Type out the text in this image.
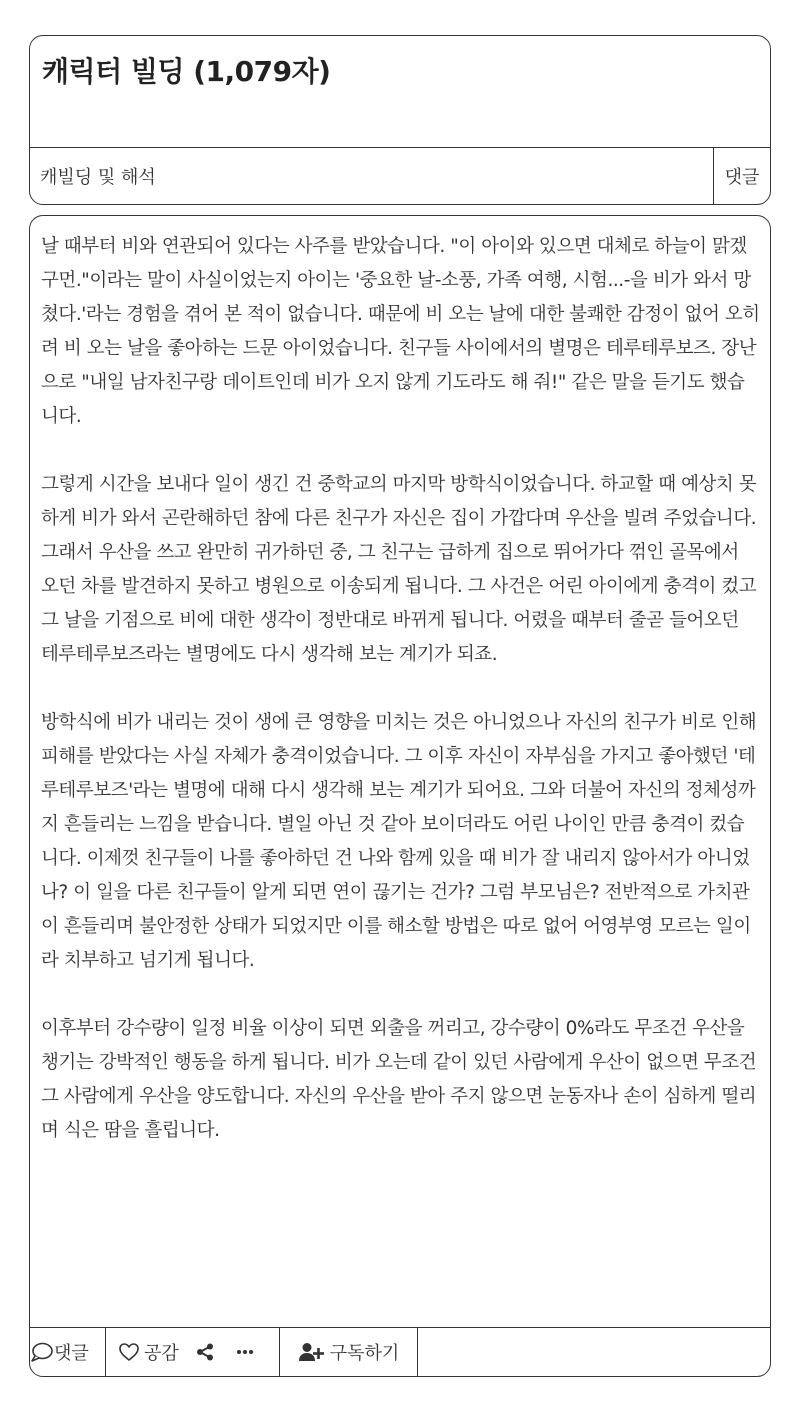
캐릭터 빌딩 (1,079자)
캐빌딩 및 해석	댓글

날 때부터 비와 연관되어 있다는 사주를 받았습니다. "이 아이와 있으면 대체로 하늘이 맑겠구먼."이라는 말이 사실이었는지 아이는 '중요한 날-소풍, 가족 여행, 시험...-을 비가 와서 망쳤다.'라는 경험을 겪어 본 적이 없습니다. 때문에 비 오는 날에 대한 불쾌한 감정이 없어 오히려 비 오는 날을 좋아하는 드문 아이었습니다. 친구들 사이에서의 별명은 테루테루보즈. 장난으로 "내일 남자친구랑 데이트인데 비가 오지 않게 기도라도 해 줘!" 같은 말을 듣기도 했습니다.

그렇게 시간을 보내다 일이 생긴 건 중학교의 마지막 방학식이었습니다. 하교할 때 예상치 못하게 비가 와서 곤란해하던 참에 다른 친구가 자신은 집이 가깝다며 우산을 빌려 주었습니다. 그래서 우산을 쓰고 완만히 귀가하던 중, 그 친구는 급하게 집으로 뛰어가다 꺾인 골목에서 오던 차를 발견하지 못하고 병원으로 이송되게 됩니다. 그 사건은 어린 아이에게 충격이 컸고 그 날을 기점으로 비에 대한 생각이 정반대로 바뀌게 됩니다. 어렸을 때부터 줄곧 들어오던 테루테루보즈라는 별명에도 다시 생각해 보는 계기가 되죠.

방학식에 비가 내리는 것이 생에 큰 영향을 미치는 것은 아니었으나 자신의 친구가 비로 인해 피해를 받았다는 사실 자체가 충격이었습니다. 그 이후 자신이 자부심을 가지고 좋아했던 '테루테루보즈'라는 별명에 대해 다시 생각해 보는 계기가 되어요. 그와 더불어 자신의 정체성까지 흔들리는 느낌을 받습니다. 별일 아닌 것 같아 보이더라도 어린 나이인 만큼 충격이 컸습니다. 이제껏 친구들이 나를 좋아하던 건 나와 함께 있을 때 비가 잘 내리지 않아서가 아니었나? 이 일을 다른 친구들이 알게 되면 연이 끊기는 건가? 그럼 부모님은? 전반적으로 가치관이 흔들리며 불안정한 상태가 되었지만 이를 해소할 방법은 따로 없어 어영부영 모르는 일이라 치부하고 넘기게 됩니다.

이후부터 강수량이 일정 비율 이상이 되면 외출을 꺼리고, 강수량이 0%라도 무조건 우산을 챙기는 강박적인 행동을 하게 됩니다. 비가 오는데 같이 있던 사람에게 우산이 없으면 무조건 그 사람에게 우산을 양도합니다. 자신의 우산을 받아 주지 않으면 눈동자나 손이 심하게 떨리며 식은 땀을 흘립니다.

댓글	공감	구독하기
